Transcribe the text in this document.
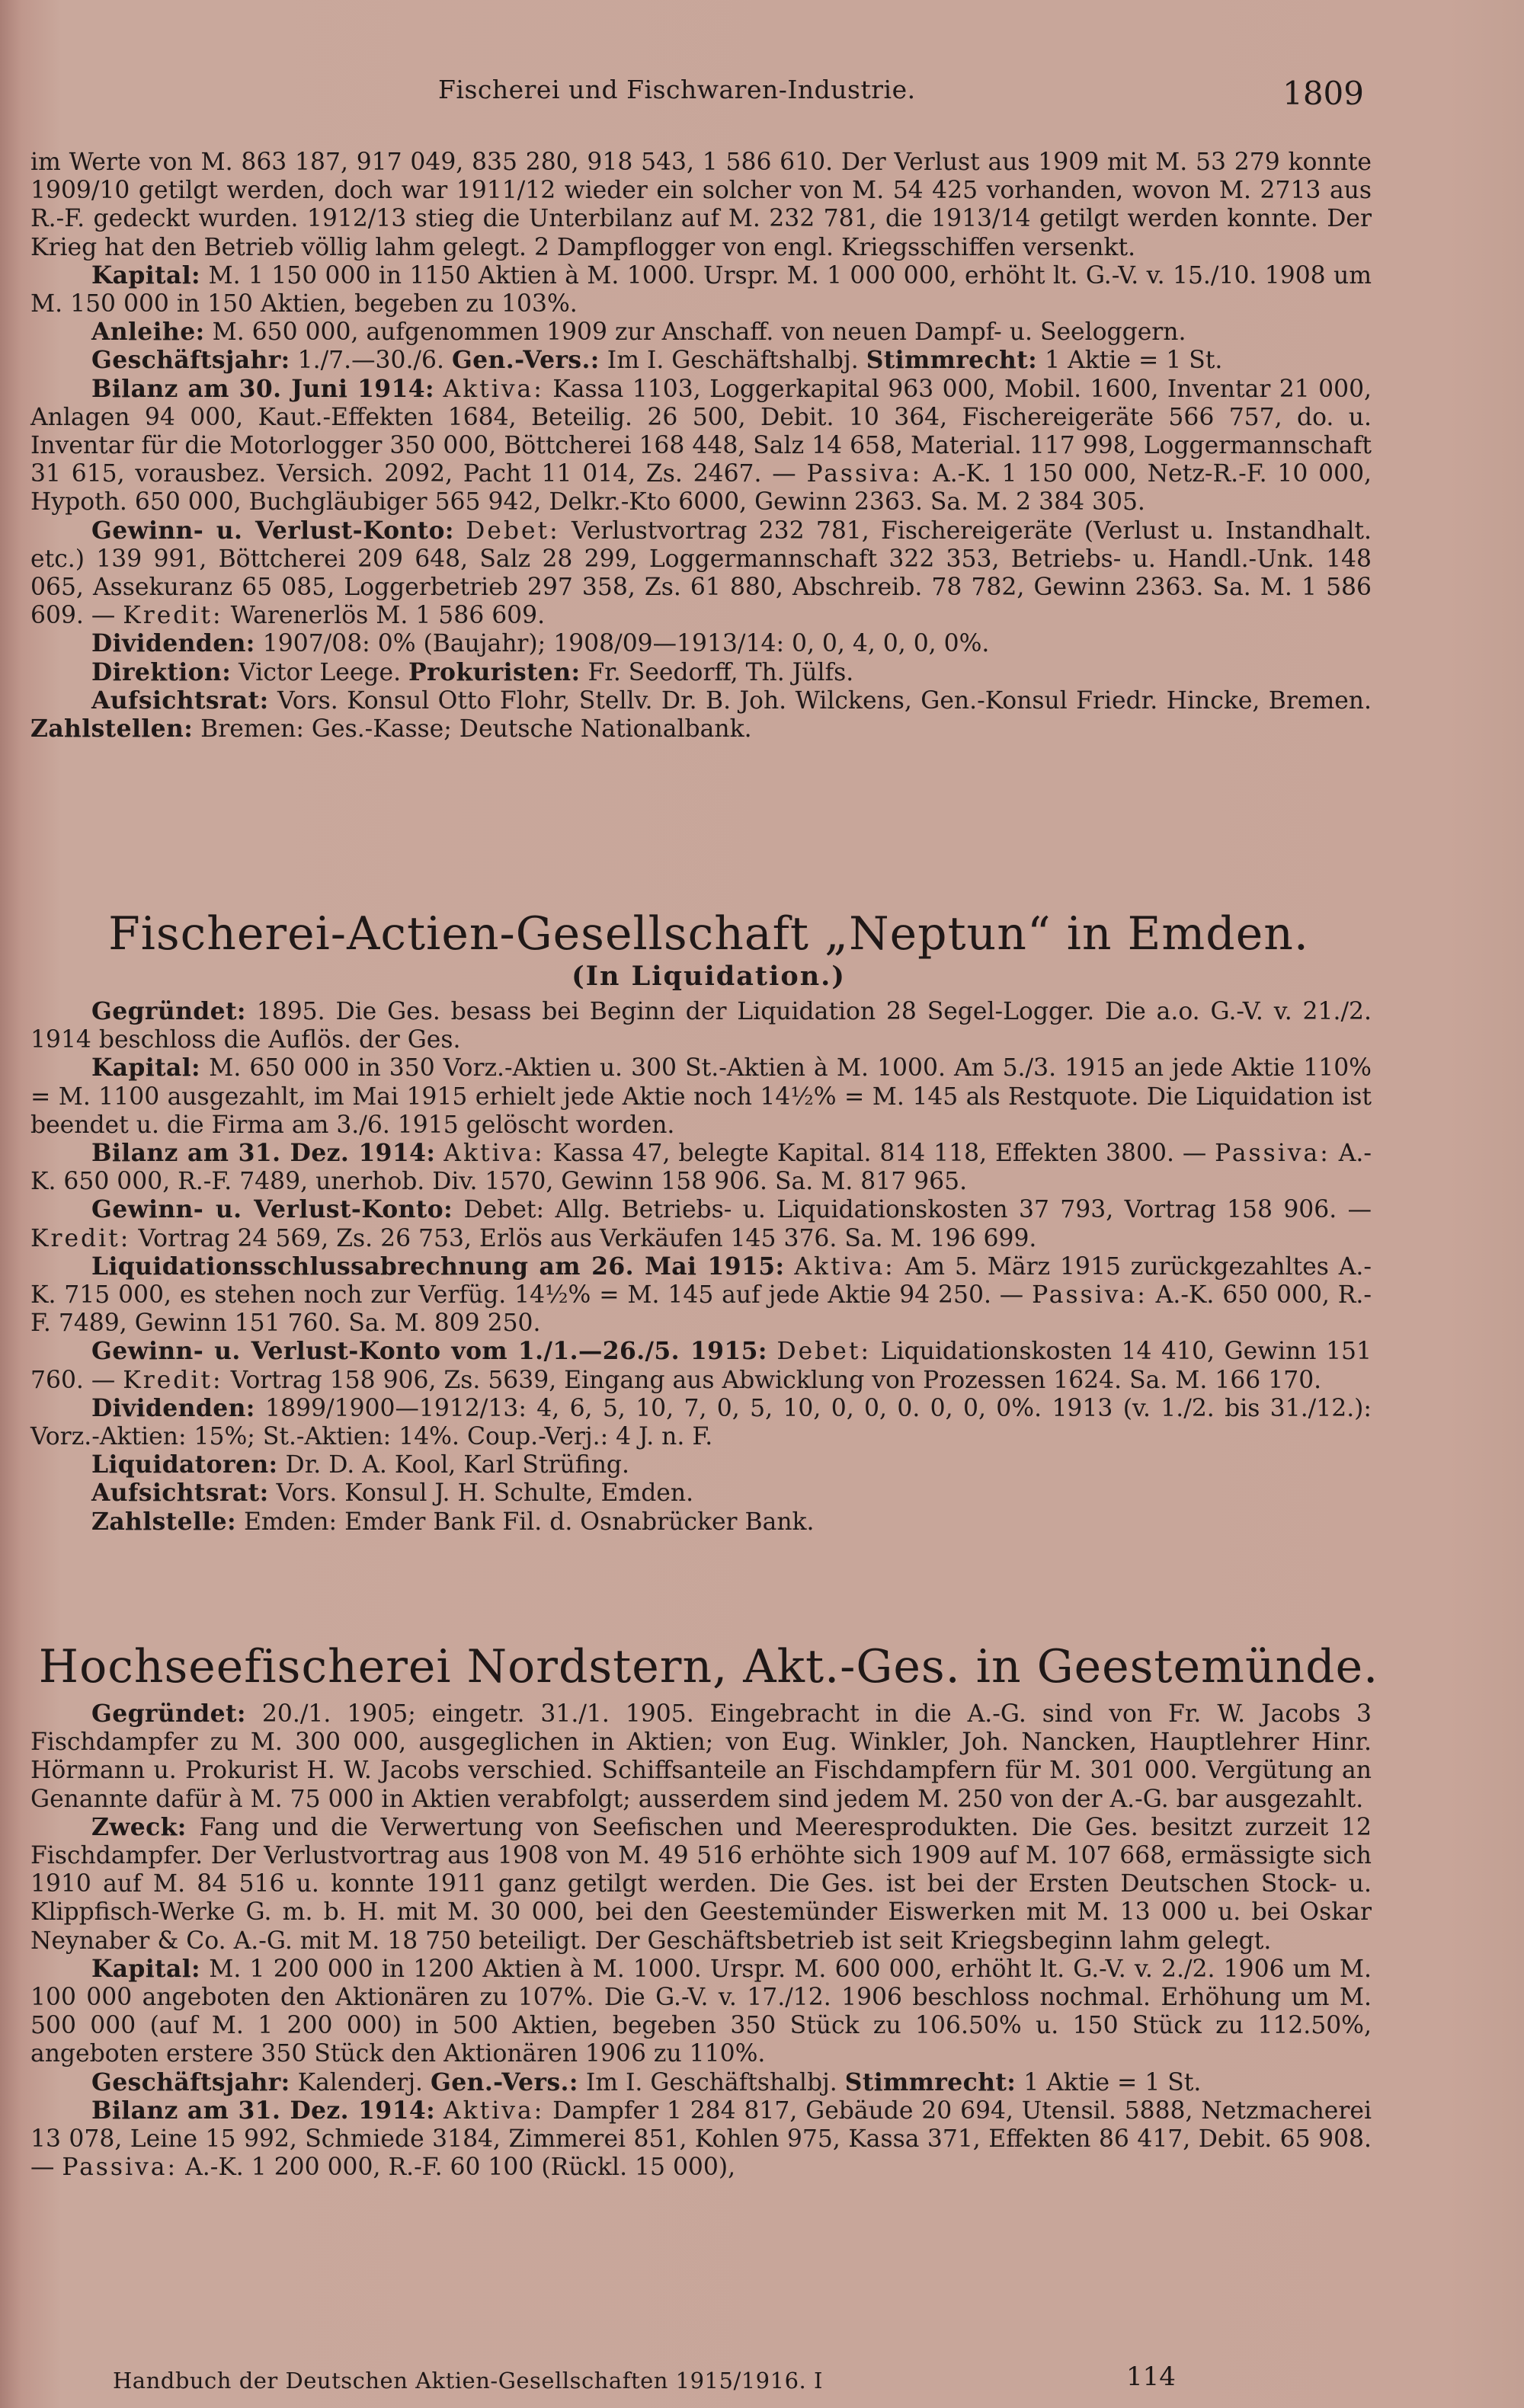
Fischerei und Fischwaren-Industrie.	1809

im Werte von M. 863 187, 917 049, 835 280, 918 543, 1 586 610. Der Verlust aus 1909 mit M. 53 279 konnte 1909/10 getilgt werden, doch war 1911/12 wieder ein solcher von M. 54 425 vorhanden, wovon M. 2713 aus R.-F. gedeckt wurden. 1912/13 stieg die Unterbilanz auf M. 232 781, die 1913/14 getilgt werden konnte. Der Krieg hat den Betrieb völlig lahm gelegt. 2 Dampflogger von engl. Kriegsschiffen versenkt.

Kapital: M. 1 150 000 in 1150 Aktien à M. 1000. Urspr. M. 1 000 000, erhöht lt. G.-V. v. 15./10. 1908 um M. 150 000 in 150 Aktien, begeben zu 103%.

Anleihe: M. 650 000, aufgenommen 1909 zur Anschaff. von neuen Dampf- u. Seeloggern.

Geschäftsjahr: 1./7.—30./6. Gen.-Vers.: Im I. Geschäftshalbj. Stimmrecht: 1 Aktie = 1 St.

Bilanz am 30. Juni 1914: Aktiva: Kassa 1103, Loggerkapital 963 000, Mobil. 1600, Inventar 21 000, Anlagen 94 000, Kaut.-Effekten 1684, Beteilig. 26 500, Debit. 10 364, Fischereigeräte 566 757, do. u. Inventar für die Motorlogger 350 000, Böttcherei 168 448, Salz 14 658, Material. 117 998, Loggermannschaft 31 615, vorausbez. Versich. 2092, Pacht 11 014, Zs. 2467. — Passiva: A.-K. 1 150 000, Netz-R.-F. 10 000, Hypoth. 650 000, Buchgläubiger 565 942, Delkr.-Kto 6000, Gewinn 2363. Sa. M. 2 384 305.

Gewinn- u. Verlust-Konto: Debet: Verlustvortrag 232 781, Fischereigeräte (Verlust u. Instandhalt. etc.) 139 991, Böttcherei 209 648, Salz 28 299, Loggermannschaft 322 353, Betriebs- u. Handl.-Unk. 148 065, Assekuranz 65 085, Loggerbetrieb 297 358, Zs. 61 880, Abschreib. 78 782, Gewinn 2363. Sa. M. 1 586 609. — Kredit: Warenerlös M. 1 586 609.

Dividenden: 1907/08: 0% (Baujahr); 1908/09—1913/14: 0, 0, 4, 0, 0, 0%.

Direktion: Victor Leege. Prokuristen: Fr. Seedorff, Th. Jülfs.

Aufsichtsrat: Vors. Konsul Otto Flohr, Stellv. Dr. B. Joh. Wilckens, Gen.-Konsul Friedr. Hincke, Bremen. Zahlstellen: Bremen: Ges.-Kasse; Deutsche Nationalbank.

Fischerei-Actien-Gesellschaft „Neptun“ in Emden.
(In Liquidation.)

Gegründet: 1895. Die Ges. besass bei Beginn der Liquidation 28 Segel-Logger. Die a.o. G.-V. v. 21./2. 1914 beschloss die Auflös. der Ges.

Kapital: M. 650 000 in 350 Vorz.-Aktien u. 300 St.-Aktien à M. 1000. Am 5./3. 1915 an jede Aktie 110% = M. 1100 ausgezahlt, im Mai 1915 erhielt jede Aktie noch 14½% = M. 145 als Restquote. Die Liquidation ist beendet u. die Firma am 3./6. 1915 gelöscht worden.

Bilanz am 31. Dez. 1914: Aktiva: Kassa 47, belegte Kapital. 814 118, Effekten 3800. — Passiva: A.-K. 650 000, R.-F. 7489, unerhob. Div. 1570, Gewinn 158 906. Sa. M. 817 965.

Gewinn- u. Verlust-Konto: Debet: Allg. Betriebs- u. Liquidationskosten 37 793, Vortrag 158 906. — Kredit: Vortrag 24 569, Zs. 26 753, Erlös aus Verkäufen 145 376. Sa. M. 196 699.

Liquidationsschlussabrechnung am 26. Mai 1915: Aktiva: Am 5. März 1915 zurückgezahltes A.-K. 715 000, es stehen noch zur Verfüg. 14½% = M. 145 auf jede Aktie 94 250. — Passiva: A.-K. 650 000, R.-F. 7489, Gewinn 151 760. Sa. M. 809 250.

Gewinn- u. Verlust-Konto vom 1./1.—26./5. 1915: Debet: Liquidationskosten 14 410, Gewinn 151 760. — Kredit: Vortrag 158 906, Zs. 5639, Eingang aus Abwicklung von Prozessen 1624. Sa. M. 166 170.

Dividenden: 1899/1900—1912/13: 4, 6, 5, 10, 7, 0, 5, 10, 0, 0, 0. 0, 0, 0%. 1913 (v. 1./2. bis 31./12.): Vorz.-Aktien: 15%; St.-Aktien: 14%. Coup.-Verj.: 4 J. n. F.

Liquidatoren: Dr. D. A. Kool, Karl Strüfing.

Aufsichtsrat: Vors. Konsul J. H. Schulte, Emden.

Zahlstelle: Emden: Emder Bank Fil. d. Osnabrücker Bank.

Hochseefischerei Nordstern, Akt.-Ges. in Geestemünde.

Gegründet: 20./1. 1905; eingetr. 31./1. 1905. Eingebracht in die A.-G. sind von Fr. W. Jacobs 3 Fischdampfer zu M. 300 000, ausgeglichen in Aktien; von Eug. Winkler, Joh. Nancken, Hauptlehrer Hinr. Hörmann u. Prokurist H. W. Jacobs verschied. Schiffsanteile an Fischdampfern für M. 301 000. Vergütung an Genannte dafür à M. 75 000 in Aktien verabfolgt; ausserdem sind jedem M. 250 von der A.-G. bar ausgezahlt.

Zweck: Fang und die Verwertung von Seefischen und Meeresprodukten. Die Ges. besitzt zurzeit 12 Fischdampfer. Der Verlustvortrag aus 1908 von M. 49 516 erhöhte sich 1909 auf M. 107 668, ermässigte sich 1910 auf M. 84 516 u. konnte 1911 ganz getilgt werden. Die Ges. ist bei der Ersten Deutschen Stock- u. Klippfisch-Werke G. m. b. H. mit M. 30 000, bei den Geestemünder Eiswerken mit M. 13 000 u. bei Oskar Neynaber & Co. A.-G. mit M. 18 750 beteiligt. Der Geschäftsbetrieb ist seit Kriegsbeginn lahm gelegt.

Kapital: M. 1 200 000 in 1200 Aktien à M. 1000. Urspr. M. 600 000, erhöht lt. G.-V. v. 2./2. 1906 um M. 100 000 angeboten den Aktionären zu 107%. Die G.-V. v. 17./12. 1906 beschloss nochmal. Erhöhung um M. 500 000 (auf M. 1 200 000) in 500 Aktien, begeben 350 Stück zu 106.50% u. 150 Stück zu 112.50%, angeboten erstere 350 Stück den Aktionären 1906 zu 110%.

Geschäftsjahr: Kalenderj. Gen.-Vers.: Im I. Geschäftshalbj. Stimmrecht: 1 Aktie = 1 St.

Bilanz am 31. Dez. 1914: Aktiva: Dampfer 1 284 817, Gebäude 20 694, Utensil. 5888, Netzmacherei 13 078, Leine 15 992, Schmiede 3184, Zimmerei 851, Kohlen 975, Kassa 371, Effekten 86 417, Debit. 65 908. — Passiva: A.-K. 1 200 000, R.-F. 60 100 (Rückl. 15 000),

Handbuch der Deutschen Aktien-Gesellschaften 1915/1916. I	114
